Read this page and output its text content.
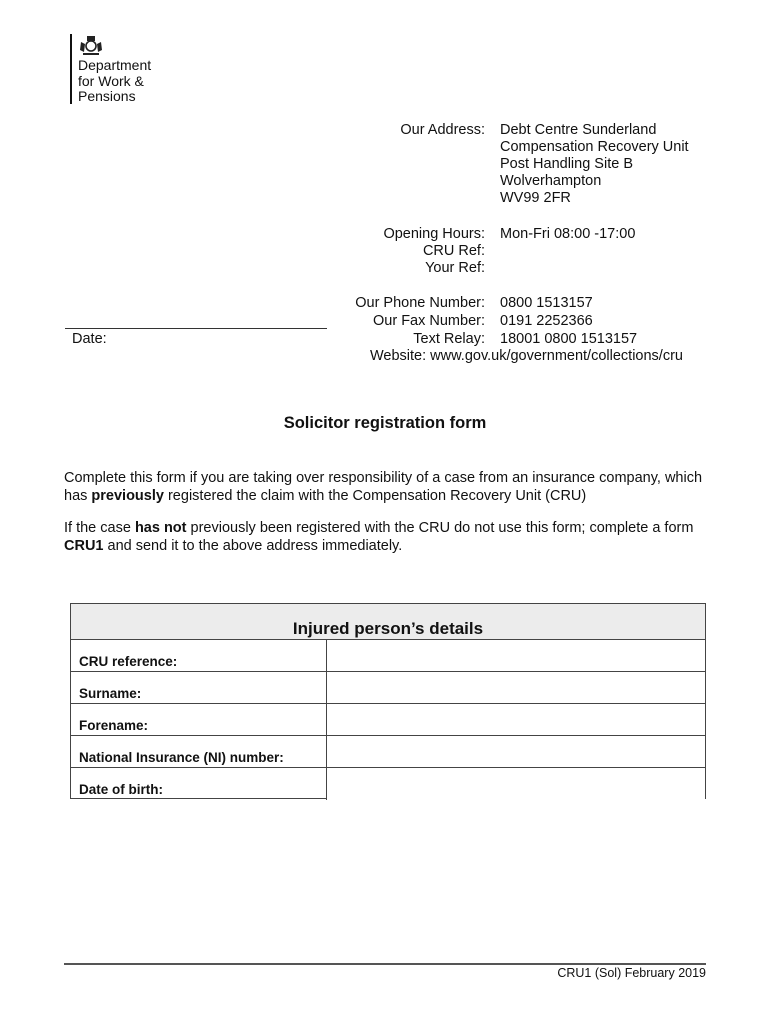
Department
for Work &
Pensions
Our Address: Debt Centre Sunderland
Compensation Recovery Unit
Post Handling Site B
Wolverhampton
WV99 2FR
Opening Hours: Mon-Fri 08:00 -17:00
CRU Ref:
Your Ref:
Our Phone Number: 0800 1513157
Our Fax Number: 0191 2252366
Text Relay: 18001 0800 1513157
Website: www.gov.uk/government/collections/cru
Date:
Solicitor registration form
Complete this form if you are taking over responsibility of a case from an insurance company, which has previously registered the claim with the Compensation Recovery Unit (CRU)
If the case has not previously been registered with the CRU do not use this form; complete a form CRU1 and send it to the above address immediately.
Injured person’s details
CRU reference:
Surname:
Forename:
National Insurance (NI) number:
Date of birth:
CRU1 (Sol) February 2019
